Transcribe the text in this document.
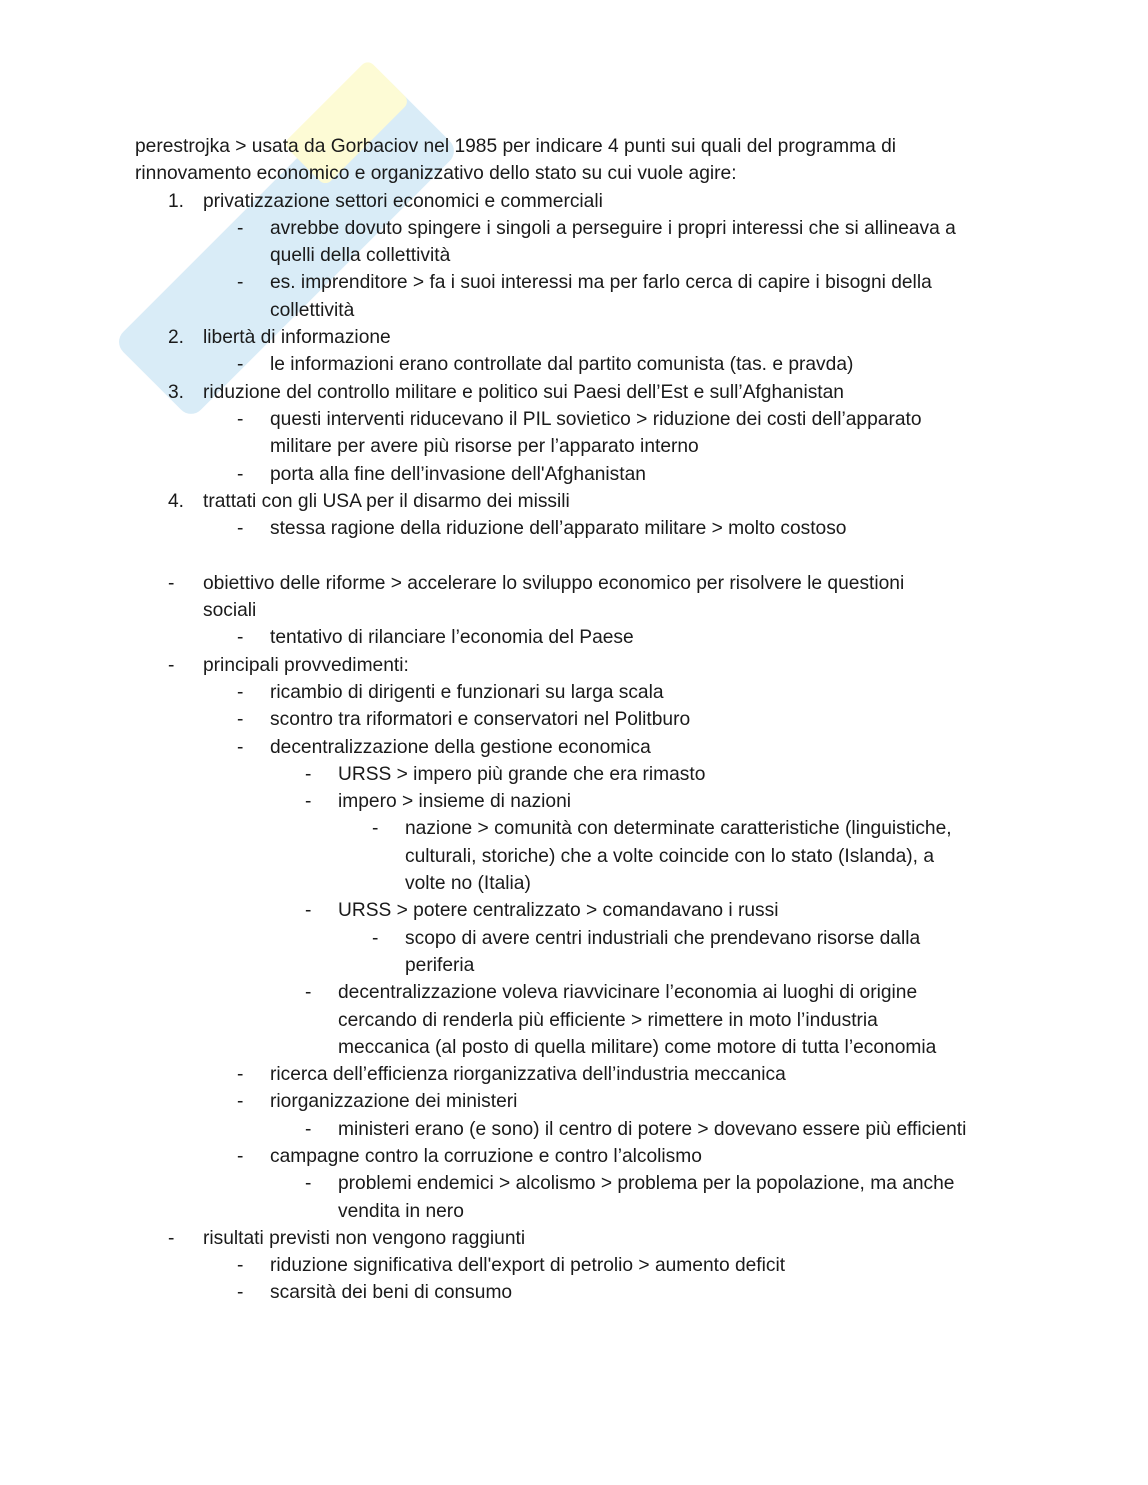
perestrojka > usata da Gorbaciov nel 1985 per indicare 4 punti sui quali del programma di
rinnovamento economico e organizzativo dello stato su cui vuole agire:
1. privatizzazione settori economici e commerciali
- avrebbe dovuto spingere i singoli a perseguire i propri interessi che si allineava a
quelli della collettività
- es. imprenditore > fa i suoi interessi ma per farlo cerca di capire i bisogni della
collettività
2. libertà di informazione
- le informazioni erano controllate dal partito comunista (tas. e pravda)
3. riduzione del controllo militare e politico sui Paesi dell’Est e sull’Afghanistan
- questi interventi riducevano il PIL sovietico > riduzione dei costi dell’apparato
militare per avere più risorse per l’apparato interno
- porta alla fine dell’invasione dell'Afghanistan
4. trattati con gli USA per il disarmo dei missili
- stessa ragione della riduzione dell’apparato militare > molto costoso
- obiettivo delle riforme > accelerare lo sviluppo economico per risolvere le questioni
sociali
- tentativo di rilanciare l’economia del Paese
- principali provvedimenti:
- ricambio di dirigenti e funzionari su larga scala
- scontro tra riformatori e conservatori nel Politburo
- decentralizzazione della gestione economica
- URSS > impero più grande che era rimasto
- impero > insieme di nazioni
- nazione > comunità con determinate caratteristiche (linguistiche,
culturali, storiche) che a volte coincide con lo stato (Islanda), a
volte no (Italia)
- URSS > potere centralizzato > comandavano i russi
- scopo di avere centri industriali che prendevano risorse dalla
periferia
- decentralizzazione voleva riavvicinare l’economia ai luoghi di origine
cercando di renderla più efficiente > rimettere in moto l’industria
meccanica (al posto di quella militare) come motore di tutta l’economia
- ricerca dell’efficienza riorganizzativa dell’industria meccanica
- riorganizzazione dei ministeri
- ministeri erano (e sono) il centro di potere > dovevano essere più efficienti
- campagne contro la corruzione e contro l’alcolismo
- problemi endemici > alcolismo > problema per la popolazione, ma anche
vendita in nero
- risultati previsti non vengono raggiunti
- riduzione significativa dell'export di petrolio > aumento deficit
- scarsità dei beni di consumo
